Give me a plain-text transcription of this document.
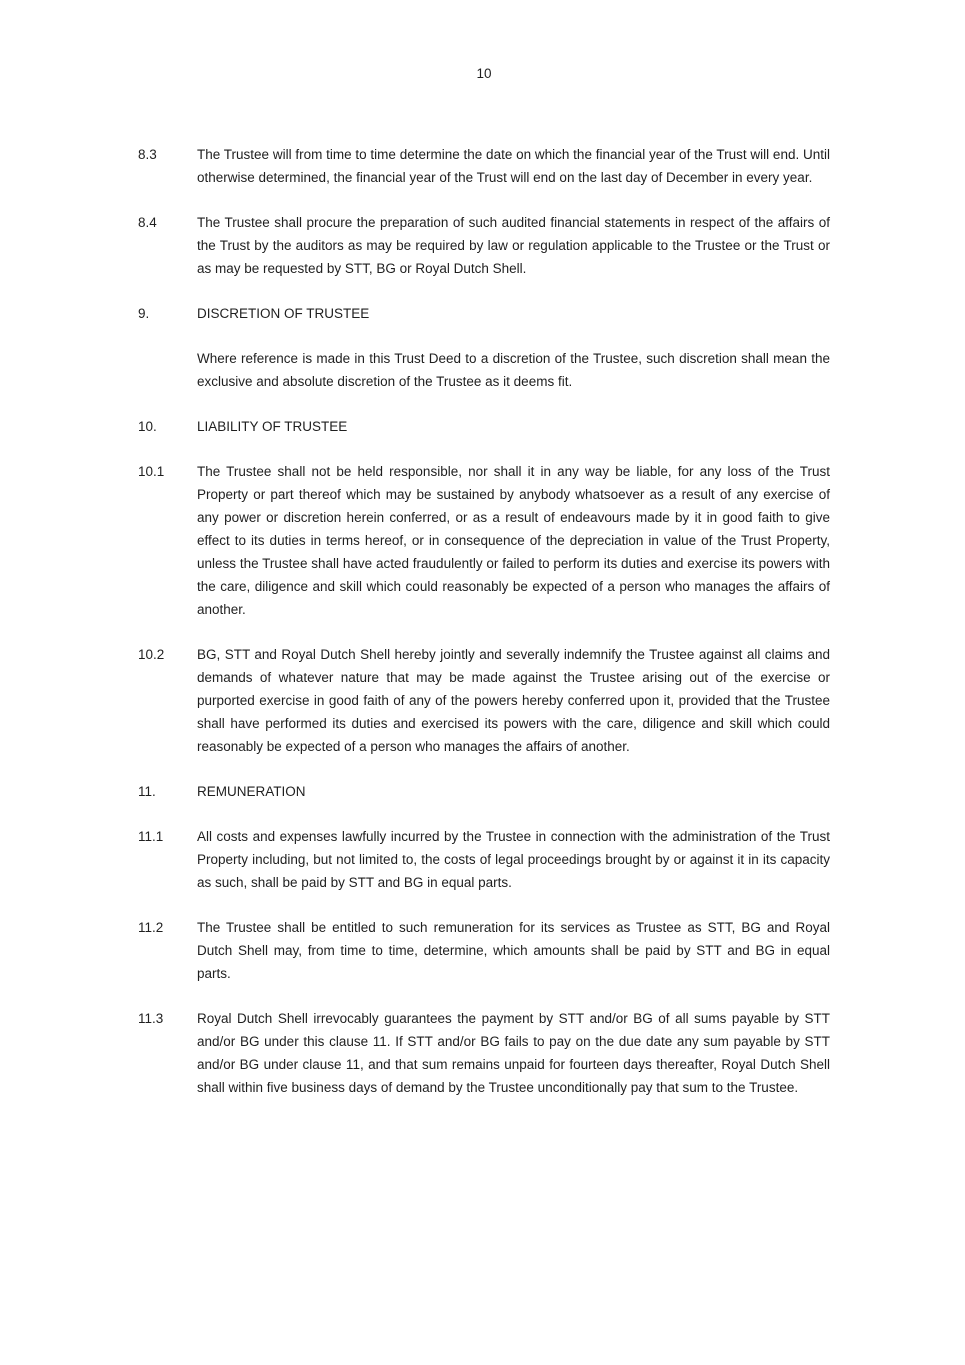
10
8.3	The Trustee will from time to time determine the date on which the financial year of the Trust will end. Until otherwise determined, the financial year of the Trust will end on the last day of December in every year.
8.4	The Trustee shall procure the preparation of such audited financial statements in respect of the affairs of the Trust by the auditors as may be required by law or regulation applicable to the Trustee or the Trust or as may be requested by STT, BG or Royal Dutch Shell.
9.	DISCRETION OF TRUSTEE
Where reference is made in this Trust Deed to a discretion of the Trustee, such discretion shall mean the exclusive and absolute discretion of the Trustee as it deems fit.
10.	LIABILITY OF TRUSTEE
10.1	The Trustee shall not be held responsible, nor shall it in any way be liable, for any loss of the Trust Property or part thereof which may be sustained by anybody whatsoever as a result of any exercise of any power or discretion herein conferred, or as a result of endeavours made by it in good faith to give effect to its duties in terms hereof, or in consequence of the depreciation in value of the Trust Property, unless the Trustee shall have acted fraudulently or failed to perform its duties and exercise its powers with the care, diligence and skill which could reasonably be expected of a person who manages the affairs of another.
10.2	BG, STT and Royal Dutch Shell hereby jointly and severally indemnify the Trustee against all claims and demands of whatever nature that may be made against the Trustee arising out of the exercise or purported exercise in good faith of any of the powers hereby conferred upon it, provided that the Trustee shall have performed its duties and exercised its powers with the care, diligence and skill which could reasonably be expected of a person who manages the affairs of another.
11.	REMUNERATION
11.1	All costs and expenses lawfully incurred by the Trustee in connection with the administration of the Trust Property including, but not limited to, the costs of legal proceedings brought by or against it in its capacity as such, shall be paid by STT and BG in equal parts.
11.2	The Trustee shall be entitled to such remuneration for its services as Trustee as STT, BG and Royal Dutch Shell may, from time to time, determine, which amounts shall be paid by STT and BG in equal parts.
11.3	Royal Dutch Shell irrevocably guarantees the payment by STT and/or BG of all sums payable by STT and/or BG under this clause 11. If STT and/or BG fails to pay on the due date any sum payable by STT and/or BG under clause 11, and that sum remains unpaid for fourteen days thereafter, Royal Dutch Shell shall within five business days of demand by the Trustee unconditionally pay that sum to the Trustee.
